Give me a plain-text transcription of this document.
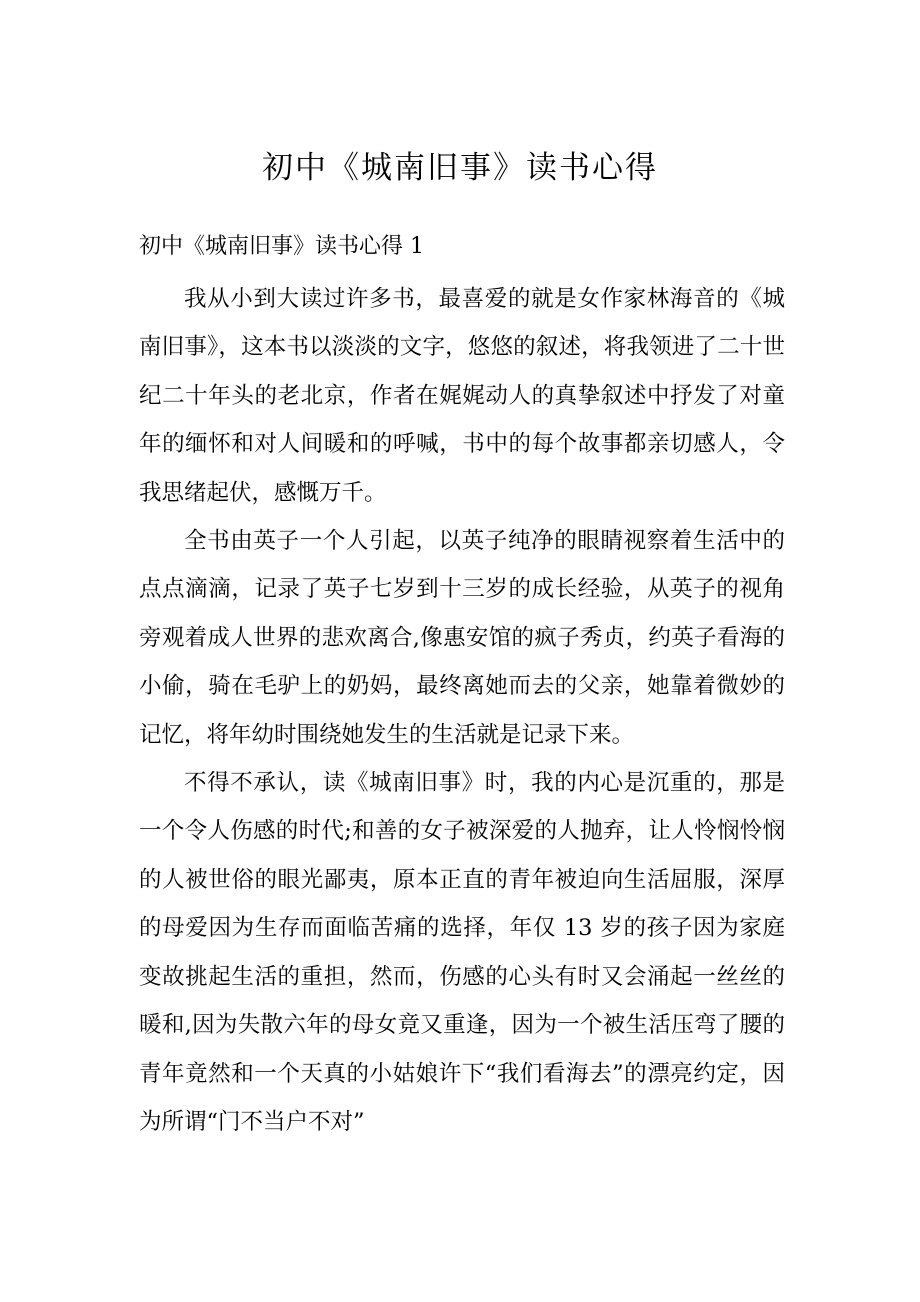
初中《城南旧事》读书心得
初中《城南旧事》读书心得 1

我从小到大读过许多书，最喜爱的就是女作家林海音的《城南旧事》，这本书以淡淡的文字，悠悠的叙述，将我领进了二十世纪二十年头的老北京，作者在娓娓动人的真挚叙述中抒发了对童年的缅怀和对人间暖和的呼喊，书中的每个故事都亲切感人，令我思绪起伏，感慨万千。

全书由英子一个人引起，以英子纯净的眼睛视察着生活中的点点滴滴，记录了英子七岁到十三岁的成长经验，从英子的视角旁观着成人世界的悲欢离合,像惠安馆的疯子秀贞，约英子看海的小偷，骑在毛驴上的奶妈，最终离她而去的父亲，她靠着微妙的记忆，将年幼时围绕她发生的生活就是记录下来。

不得不承认，读《城南旧事》时，我的内心是沉重的，那是一个令人伤感的时代;和善的女子被深爱的人抛弃，让人怜悯怜悯的人被世俗的眼光鄙夷，原本正直的青年被迫向生活屈服，深厚的母爱因为生存而面临苦痛的选择，年仅 13 岁的孩子因为家庭变故挑起生活的重担，然而，伤感的心头有时又会涌起一丝丝的暖和,因为失散六年的母女竟又重逢，因为一个被生活压弯了腰的青年竟然和一个天真的小姑娘许下“我们看海去”的漂亮约定，因为所谓“门不当户不对”
